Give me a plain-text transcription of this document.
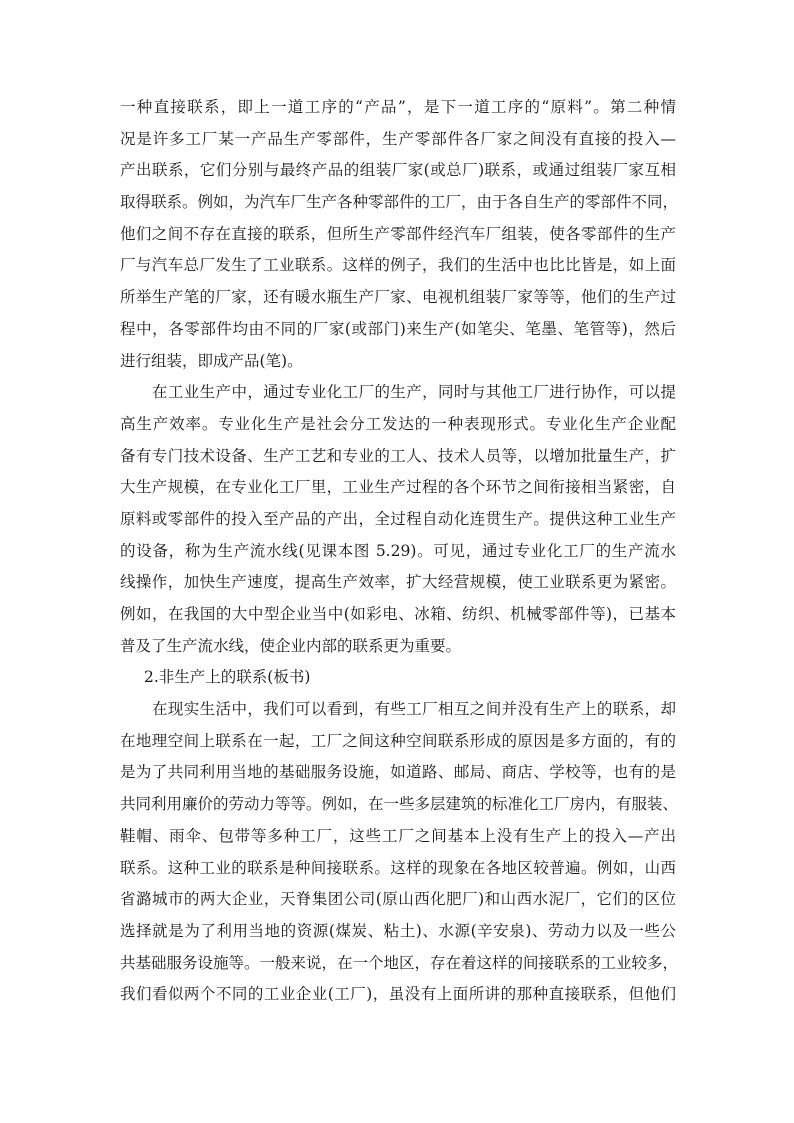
一种直接联系，即上一道工序的“产品”，是下一道工序的“原料”。第二种情
况是许多工厂某一产品生产零部件，生产零部件各厂家之间没有直接的投入—
产出联系，它们分别与最终产品的组装厂家(或总厂)联系，或通过组装厂家互相
取得联系。例如，为汽车厂生产各种零部件的工厂，由于各自生产的零部件不同，
他们之间不存在直接的联系，但所生产零部件经汽车厂组装，使各零部件的生产
厂与汽车总厂发生了工业联系。这样的例子，我们的生活中也比比皆是，如上面
所举生产笔的厂家，还有暖水瓶生产厂家、电视机组装厂家等等，他们的生产过
程中，各零部件均由不同的厂家(或部门)来生产(如笔尖、笔墨、笔管等)，然后
进行组装，即成产品(笔)。
在工业生产中，通过专业化工厂的生产，同时与其他工厂进行协作，可以提
高生产效率。专业化生产是社会分工发达的一种表现形式。专业化生产企业配
备有专门技术设备、生产工艺和专业的工人、技术人员等，以增加批量生产，扩
大生产规模，在专业化工厂里，工业生产过程的各个环节之间衔接相当紧密，自
原料或零部件的投入至产品的产出，全过程自动化连贯生产。提供这种工业生产
的设备，称为生产流水线(见课本图 5.29)。可见，通过专业化工厂的生产流水
线操作，加快生产速度，提高生产效率，扩大经营规模，使工业联系更为紧密。
例如，在我国的大中型企业当中(如彩电、冰箱、纺织、机械零部件等)，已基本
普及了生产流水线，使企业内部的联系更为重要。
2.非生产上的联系(板书)
在现实生活中，我们可以看到，有些工厂相互之间并没有生产上的联系，却
在地理空间上联系在一起，工厂之间这种空间联系形成的原因是多方面的，有的
是为了共同利用当地的基础服务设施，如道路、邮局、商店、学校等，也有的是
共同利用廉价的劳动力等等。例如，在一些多层建筑的标准化工厂房内，有服装、
鞋帽、雨伞、包带等多种工厂，这些工厂之间基本上没有生产上的投入—产出
联系。这种工业的联系是种间接联系。这样的现象在各地区较普遍。例如，山西
省潞城市的两大企业，天脊集团公司(原山西化肥厂)和山西水泥厂，它们的区位
选择就是为了利用当地的资源(煤炭、粘土)、水源(辛安泉)、劳动力以及一些公
共基础服务设施等。一般来说，在一个地区，存在着这样的间接联系的工业较多，
我们看似两个不同的工业企业(工厂)，虽没有上面所讲的那种直接联系，但他们
